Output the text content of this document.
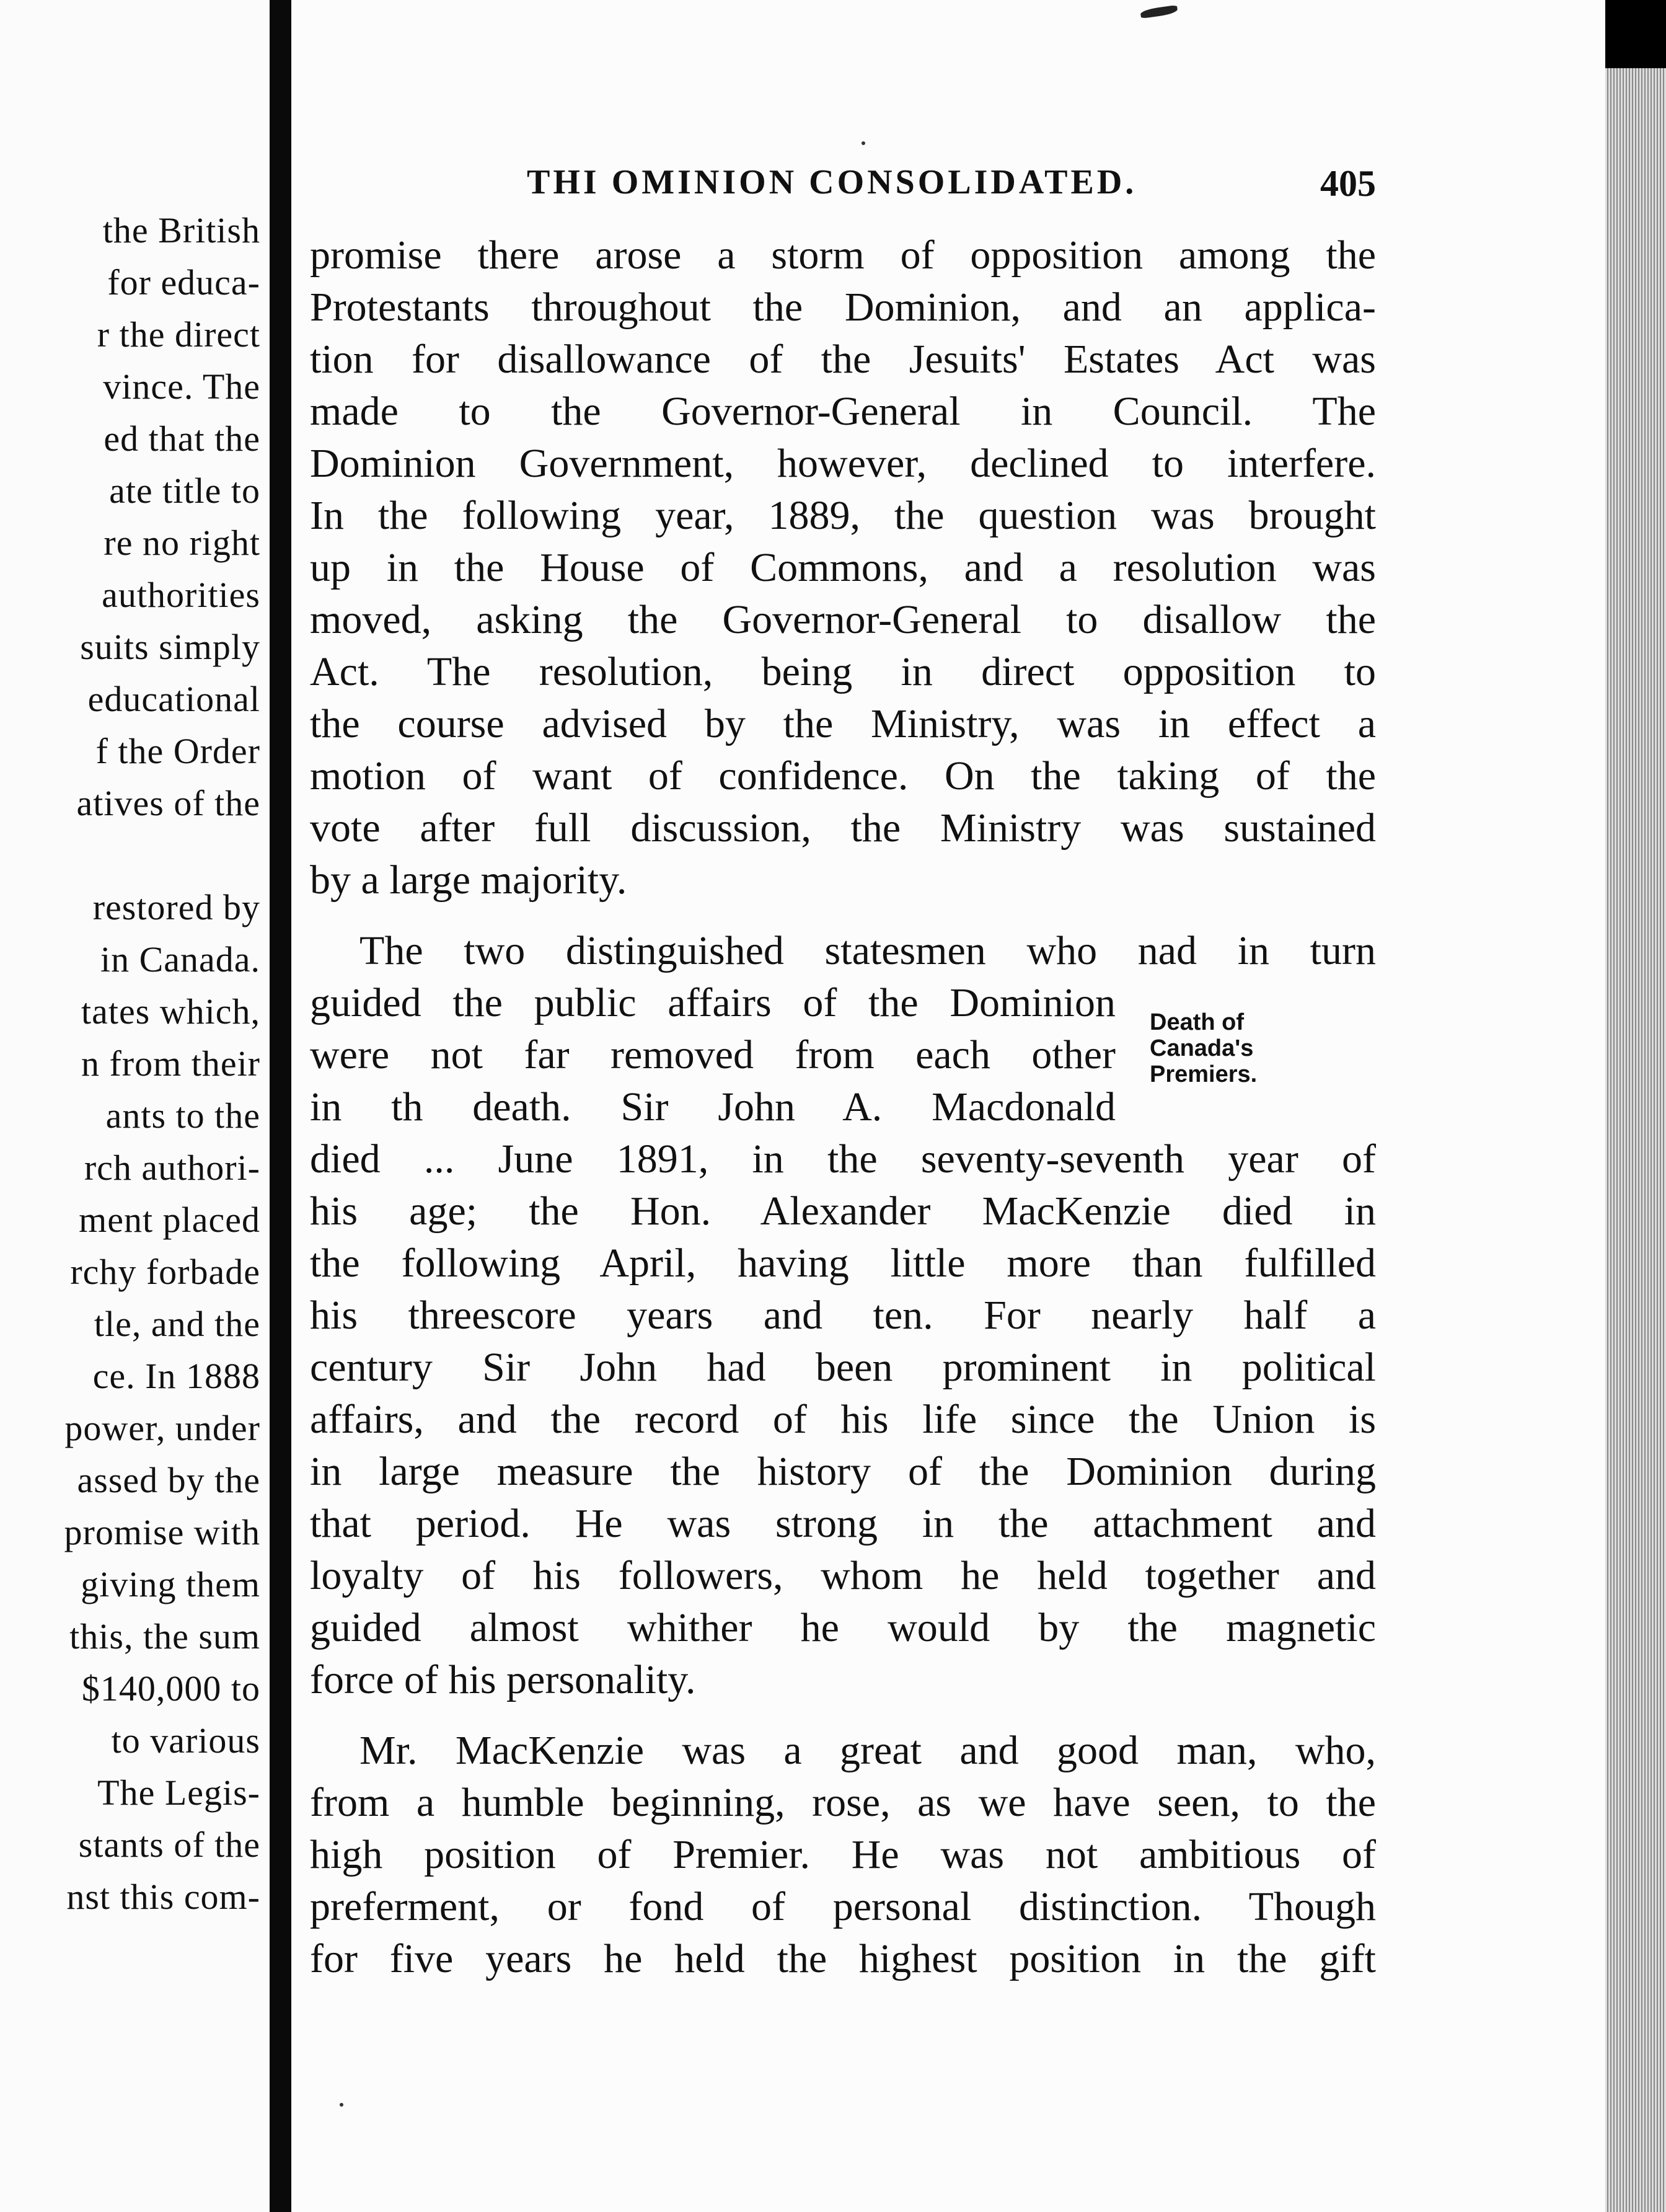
the British
for educa-
r the direct
vince. The
ed that the
ate title to
re no right
authorities
suits simply
educational
f the Order
atives of the
restored by
in Canada.
tates which,
n from their
ants to the
rch authori-
ment placed
rchy forbade
tle, and the
ce. In 1888
power, under
assed by the
promise with
giving them
this, the sum
$140,000 to
to various
The Legis-
stants of the
nst this com-
THI OMINION CONSOLIDATED.	405
promise there arose a storm of opposition among the
Protestants throughout the Dominion, and an applica-
tion for disallowance of the Jesuits' Estates Act was
made to the Governor-General in Council. The
Dominion Government, however, declined to interfere.
In the following year, 1889, the question was brought
up in the House of Commons, and a resolution was
moved, asking the Governor-General to disallow the
Act. The resolution, being in direct opposition to
the course advised by the Ministry, was in effect a
motion of want of confidence. On the taking of the
vote after full discussion, the Ministry was sustained
by a large majority.
The two distinguished statesmen who nad in turn
guided the public affairs of the Dominion
were not far removed from each other
in th death. Sir John A. Macdonald
died ... June 1891, in the seventy-seventh year of
his age; the Hon. Alexander MacKenzie died in
the following April, having little more than fulfilled
his threescore years and ten. For nearly half a
century Sir John had been prominent in political
affairs, and the record of his life since the Union is
in large measure the history of the Dominion during
that period. He was strong in the attachment and
loyalty of his followers, whom he held together and
guided almost whither he would by the magnetic
force of his personality.
Mr. MacKenzie was a great and good man, who,
from a humble beginning, rose, as we have seen, to the
high position of Premier. He was not ambitious of
preferment, or fond of personal distinction. Though
for five years he held the highest position in the gift
Death of
Canada's
Premiers.
